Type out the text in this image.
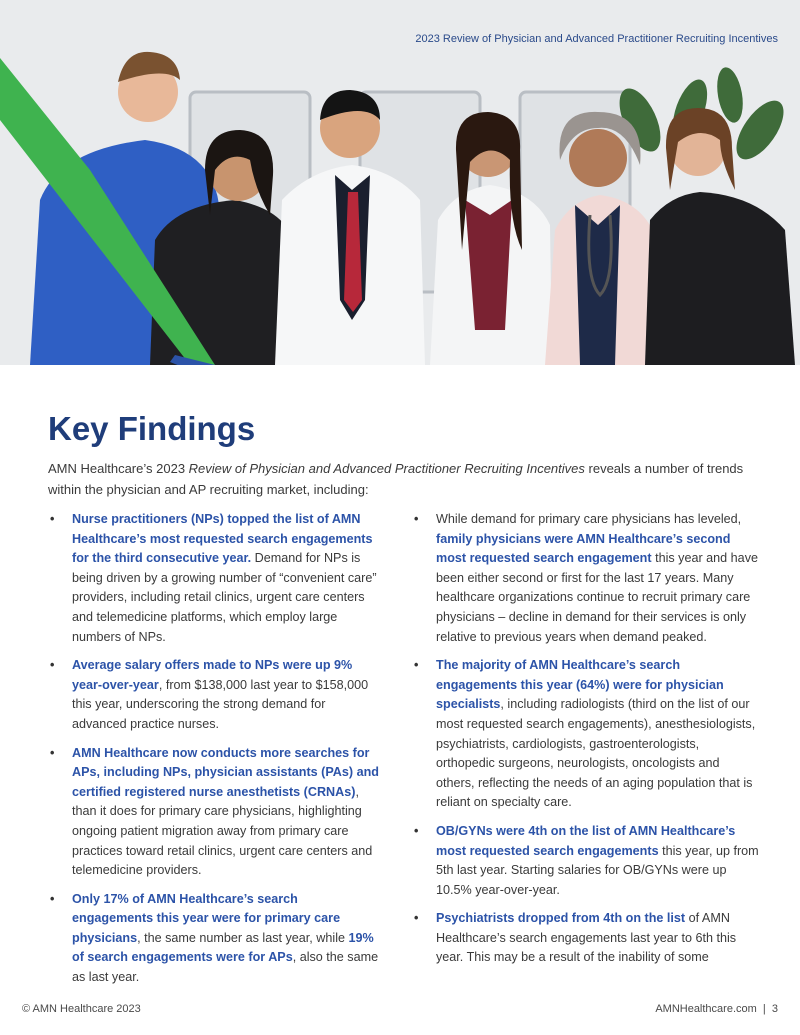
2023 Review of Physician and Advanced Practitioner Recruiting Incentives
Key Findings

AMN Healthcare’s 2023 Review of Physician and Advanced Practitioner Recruiting Incentives reveals a number of trends within the physician and AP recruiting market, including:

• Nurse practitioners (NPs) topped the list of AMN Healthcare’s most requested search engagements for the third consecutive year. Demand for NPs is being driven by a growing number of “convenient care” providers, including retail clinics, urgent care centers and telemedicine platforms, which employ large numbers of NPs.
• Average salary offers made to NPs were up 9% year-over-year, from $138,000 last year to $158,000 this year, underscoring the strong demand for advanced practice nurses.
• AMN Healthcare now conducts more searches for APs, including NPs, physician assistants (PAs) and certified registered nurse anesthetists (CRNAs), than it does for primary care physicians, highlighting ongoing patient migration away from primary care practices toward retail clinics, urgent care centers and telemedicine providers.
• Only 17% of AMN Healthcare’s search engagements this year were for primary care physicians, the same number as last year, while 19% of search engagements were for APs, also the same as last year.
• While demand for primary care physicians has leveled, family physicians were AMN Healthcare’s second most requested search engagement this year and have been either second or first for the last 17 years. Many healthcare organizations continue to recruit primary care physicians – decline in demand for their services is only relative to previous years when demand peaked.
• The majority of AMN Healthcare’s search engagements this year (64%) were for physician specialists, including radiologists (third on the list of our most requested search engagements), anesthesiologists, psychiatrists, cardiologists, gastroenterologists, orthopedic surgeons, neurologists, oncologists and others, reflecting the needs of an aging population that is reliant on specialty care.
• OB/GYNs were 4th on the list of AMN Healthcare’s most requested search engagements this year, up from 5th last year. Starting salaries for OB/GYNs were up 10.5% year-over-year.
• Psychiatrists dropped from 4th on the list of AMN Healthcare’s search engagements last year to 6th this year. This may be a result of the inability of some
© AMN Healthcare 2023	AMNHealthcare.com  |  3
